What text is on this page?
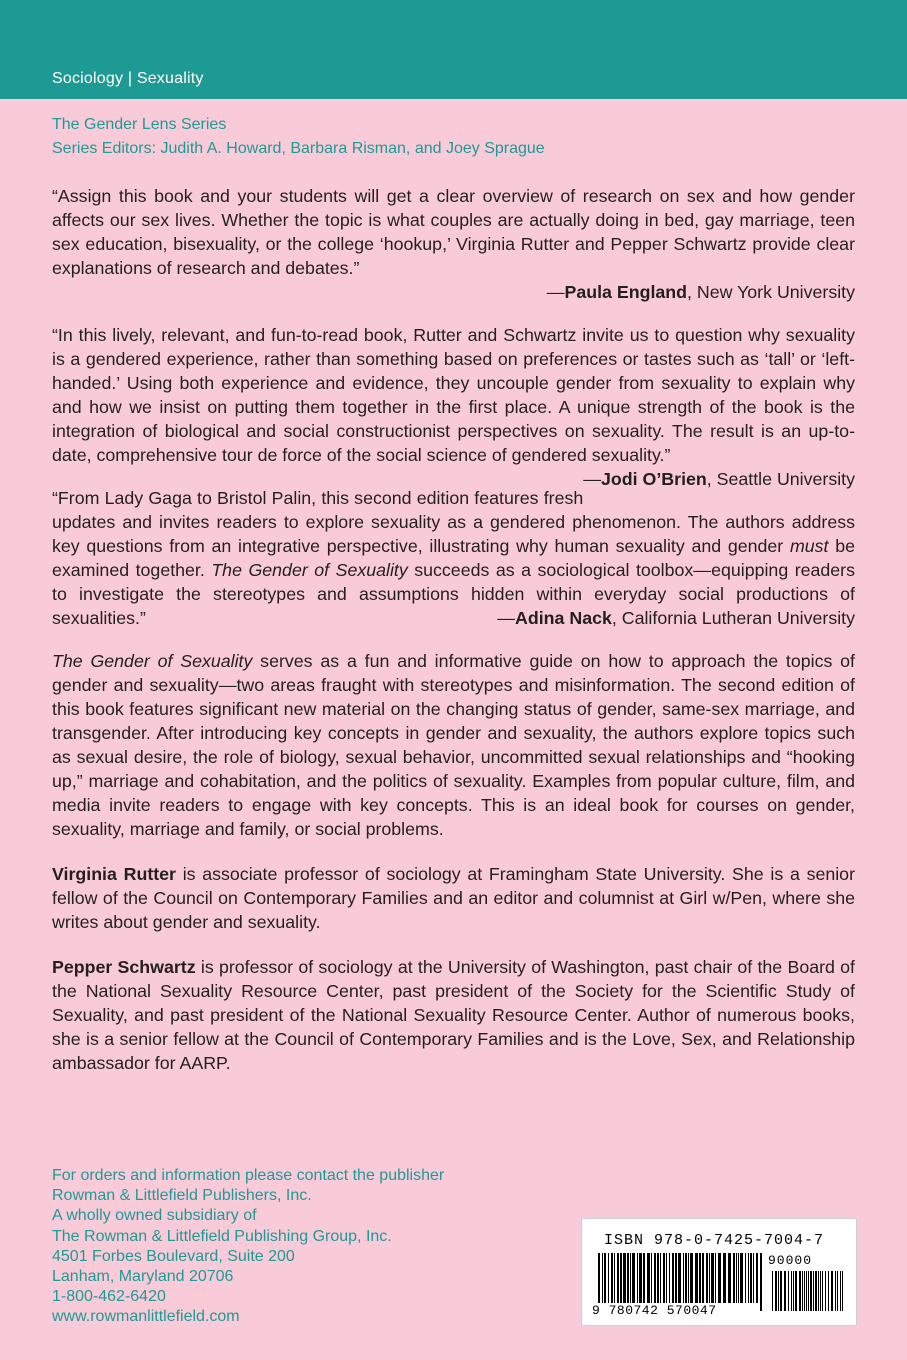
Sociology | Sexuality
The Gender Lens Series
Series Editors: Judith A. Howard, Barbara Risman, and Joey Sprague

“Assign this book and your students will get a clear overview of research on sex and how gender affects our sex lives. Whether the topic is what couples are actually doing in bed, gay marriage, teen sex education, bisexuality, or the college ‘hookup,’ Virginia Rutter and Pepper Schwartz provide clear explanations of research and debates.”

—Paula England, New York University

“In this lively, relevant, and fun-to-read book, Rutter and Schwartz invite us to question why sexuality is a gendered experience, rather than something based on preferences or tastes such as ‘tall’ or ‘left-handed.’ Using both experience and evidence, they uncouple gender from sexuality to explain why and how we insist on putting them together in the first place. A unique strength of the book is the integration of biological and social constructionist perspectives on sexuality. The result is an up-to-date, comprehensive tour de force of the social science of gendered sexuality.”
—Jodi O’Brien, Seattle University

“From Lady Gaga to Bristol Palin, this second edition features fresh updates and invites readers to explore sexuality as a gendered phenomenon. The authors address key questions from an integrative perspective, illustrating why human sexuality and gender must be examined together. The Gender of Sexuality succeeds as a sociological toolbox—equipping readers to investigate the stereotypes and assumptions hidden within everyday social productions of sexualities.”	—Adina Nack, California Lutheran University

The Gender of Sexuality serves as a fun and informative guide on how to approach the topics of gender and sexuality—two areas fraught with stereotypes and misinformation. The second edition of this book features significant new material on the changing status of gender, same-sex marriage, and transgender. After introducing key concepts in gender and sexuality, the authors explore topics such as sexual desire, the role of biology, sexual behavior, uncommitted sexual relationships and “hooking up,” marriage and cohabitation, and the politics of sexuality. Examples from popular culture, film, and media invite readers to engage with key concepts. This is an ideal book for courses on gender, sexuality, marriage and family, or social problems.

Virginia Rutter is associate professor of sociology at Framingham State University. She is a senior fellow of the Council on Contemporary Families and an editor and columnist at Girl w/Pen, where she writes about gender and sexuality.

Pepper Schwartz is professor of sociology at the University of Washington, past chair of the Board of the National Sexuality Resource Center, past president of the Society for the Scientific Study of Sexuality, and past president of the National Sexuality Resource Center. Author of numerous books, she is a senior fellow at the Council of Contemporary Families and is the Love, Sex, and Relationship ambassador for AARP.

For orders and information please contact the publisher
Rowman & Littlefield Publishers, Inc.
A wholly owned subsidiary of
The Rowman & Littlefield Publishing Group, Inc.
4501 Forbes Boulevard, Suite 200
Lanham, Maryland 20706
1-800-462-6420
www.rowmanlittlefield.com
ISBN 978-0-7425-7004-7
90000
9 780742 570047
